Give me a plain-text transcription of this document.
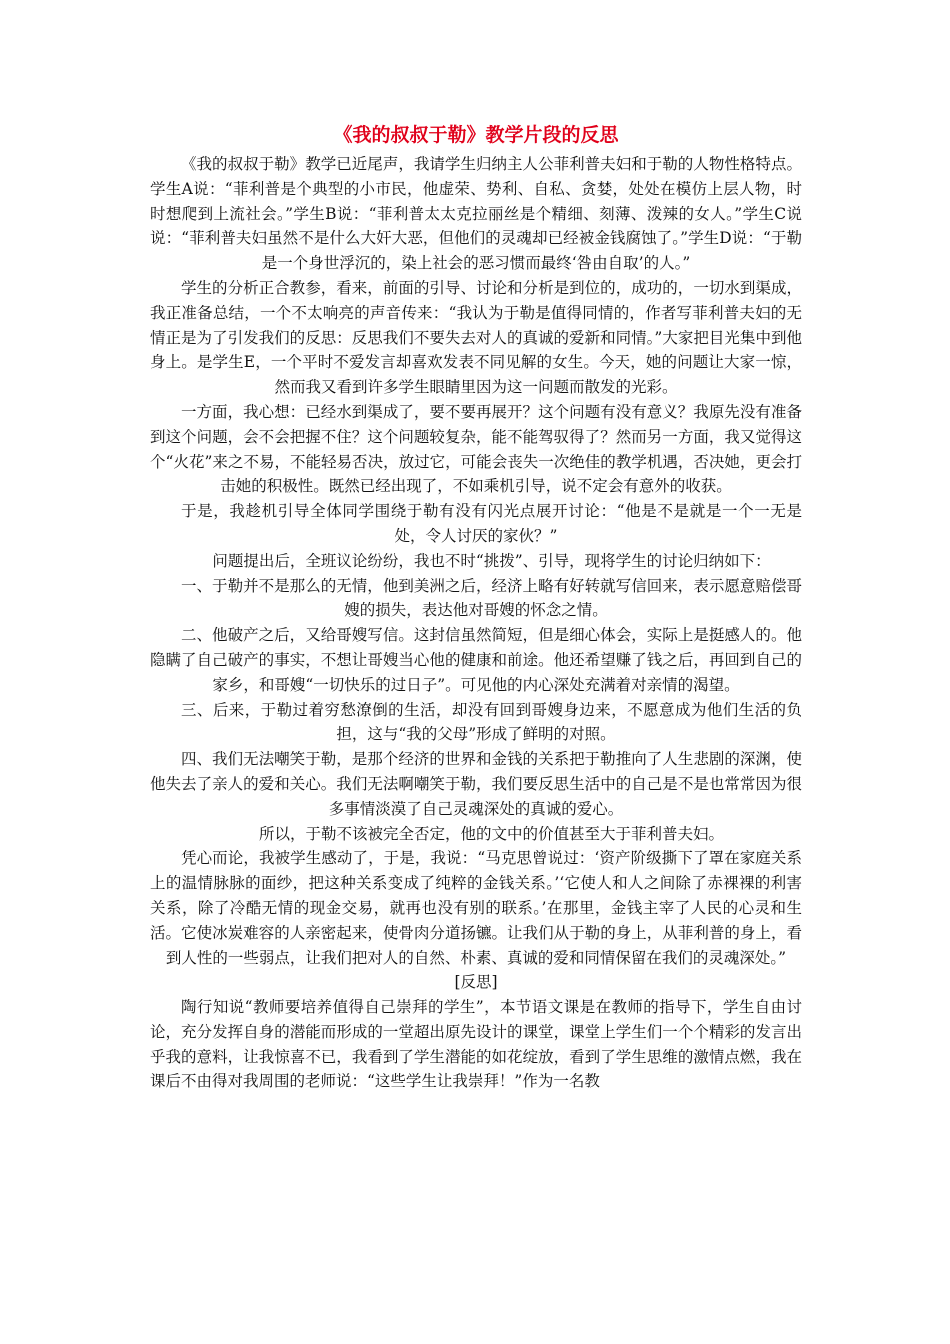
《我的叔叔于勒》教学片段的反思

《我的叔叔于勒》教学已近尾声，我请学生归纳主人公菲利普夫妇和于勒的人物性格特点。学生A说：“菲利普是个典型的小市民，他虚荣、势利、自私、贪婪，处处在模仿上层人物，时时想爬到上流社会。”学生B说：“菲利普太太克拉丽丝是个精细、刻薄、泼辣的女人。”学生C说说：“菲利普夫妇虽然不是什么大奸大恶，但他们的灵魂却已经被金钱腐蚀了。”学生D说：“于勒是一个身世浮沉的，染上社会的恶习惯而最终‘咎由自取’的人。”

学生的分析正合教参，看来，前面的引导、讨论和分析是到位的，成功的，一切水到渠成，我正准备总结，一个不太响亮的声音传来：“我认为于勒是值得同情的，作者写菲利普夫妇的无情正是为了引发我们的反思：反思我们不要失去对人的真诚的爱新和同情。”大家把目光集中到他身上。是学生E，一个平时不爱发言却喜欢发表不同见解的女生。今天，她的问题让大家一惊，然而我又看到许多学生眼睛里因为这一问题而散发的光彩。

一方面，我心想：已经水到渠成了，要不要再展开？这个问题有没有意义？我原先没有准备到这个问题，会不会把握不住？这个问题较复杂，能不能驾驭得了？然而另一方面，我又觉得这个“火花”来之不易，不能轻易否决，放过它，可能会丧失一次绝佳的教学机遇，否决她，更会打击她的积极性。既然已经出现了，不如乘机引导，说不定会有意外的收获。

于是，我趁机引导全体同学围绕于勒有没有闪光点展开讨论：“他是不是就是一个一无是处，令人讨厌的家伙？”

问题提出后，全班议论纷纷，我也不时“挑拨”、引导，现将学生的讨论归纳如下：

一、于勒并不是那么的无情，他到美洲之后，经济上略有好转就写信回来，表示愿意赔偿哥嫂的损失，表达他对哥嫂的怀念之情。

二、他破产之后，又给哥嫂写信。这封信虽然简短，但是细心体会，实际上是挺感人的。他隐瞒了自己破产的事实，不想让哥嫂当心他的健康和前途。他还希望赚了钱之后，再回到自己的家乡，和哥嫂“一切快乐的过日子”。可见他的内心深处充满着对亲情的渴望。

三、后来，于勒过着穷愁潦倒的生活，却没有回到哥嫂身边来，不愿意成为他们生活的负担，这与“我的父母”形成了鲜明的对照。

四、我们无法嘲笑于勒，是那个经济的世界和金钱的关系把于勒推向了人生悲剧的深渊，使他失去了亲人的爱和关心。我们无法啊嘲笑于勒，我们要反思生活中的自己是不是也常常因为很多事情淡漠了自己灵魂深处的真诚的爱心。

所以，于勒不该被完全否定，他的文中的价值甚至大于菲利普夫妇。

凭心而论，我被学生感动了，于是，我说：“马克思曾说过：‘资产阶级撕下了罩在家庭关系上的温情脉脉的面纱，把这种关系变成了纯粹的金钱关系。’‘它使人和人之间除了赤裸裸的利害关系，除了冷酷无情的现金交易，就再也没有别的联系。’在那里，金钱主宰了人民的心灵和生活。它使冰炭难容的人亲密起来，使骨肉分道扬镳。让我们从于勒的身上，从菲利普的身上，看到人性的一些弱点，让我们把对人的自然、朴素、真诚的爱和同情保留在我们的灵魂深处。”

[反思]

陶行知说“教师要培养值得自己崇拜的学生”，本节语文课是在教师的指导下，学生自由讨论，充分发挥自身的潜能而形成的一堂超出原先设计的课堂，课堂上学生们一个个精彩的发言出乎我的意料，让我惊喜不已，我看到了学生潜能的如花绽放，看到了学生思维的激情点燃，我在课后不由得对我周围的老师说：“这些学生让我崇拜！”作为一名教
